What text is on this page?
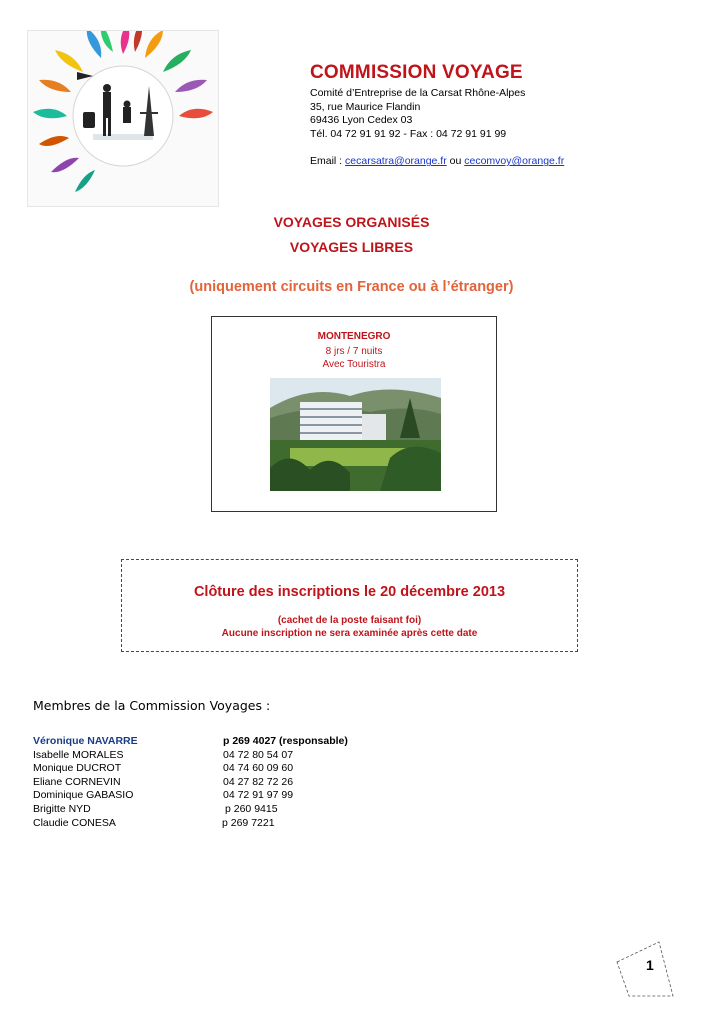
COMMISSION VOYAGE
Comité d’Entreprise de la Carsat Rhône-Alpes
35, rue Maurice Flandin
69436 Lyon Cedex 03
Tél. 04 72 91 91 92 - Fax : 04 72 91 91 99
Email : cecarsatra@orange.fr ou cecomvoy@orange.fr
VOYAGES ORGANISÉS
VOYAGES LIBRES
(uniquement circuits en France ou à l’étranger)
MONTENEGRO
8 jrs / 7 nuits
Avec Touristra
Clôture des inscriptions le 20 décembre 2013
(cachet de la poste faisant foi)
Aucune inscription ne sera examinée après cette date
Membres de la Commission Voyages :
Véronique NAVARRE	p 269 4027 (responsable)
Isabelle MORALES	04 72 80 54 07
Monique DUCROT	04 74 60 09 60
Eliane CORNEVIN	04 27 82 72 26
Dominique GABASIO	04 72 91 97 99
Brigitte NYD	p 260 9415
Claudie CONESA	p 269 7221
1
